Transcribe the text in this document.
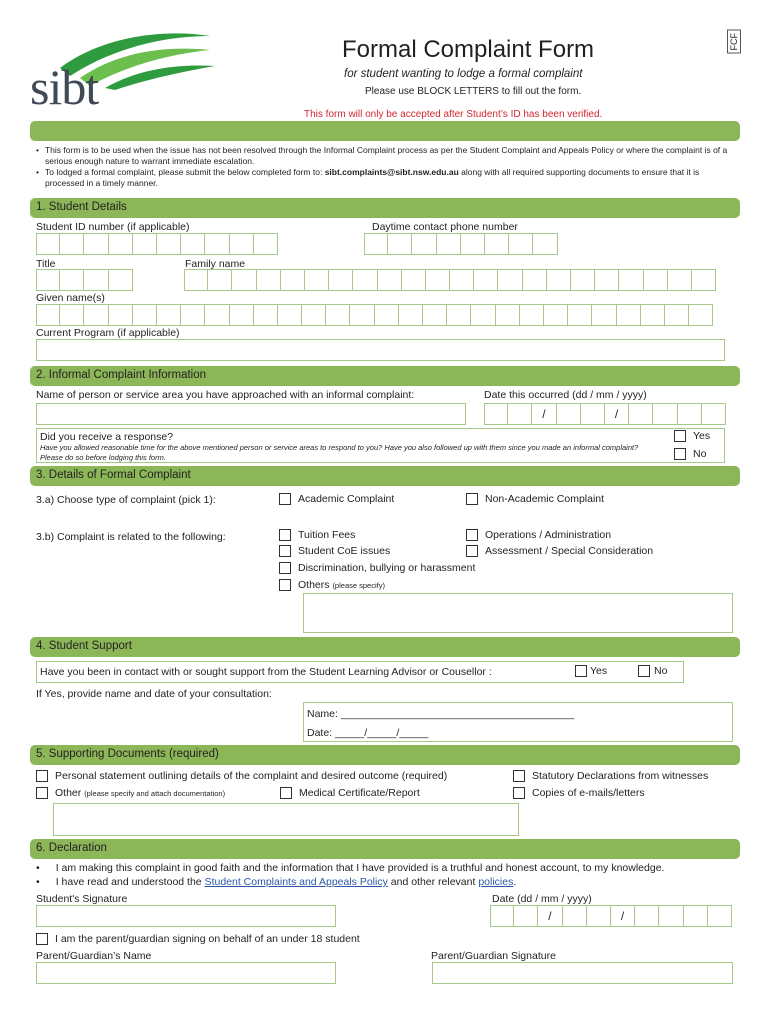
sibt
FCF
Formal Complaint Form
for student wanting to lodge a formal complaint
Please use BLOCK LETTERS to fill out the form.
This form will only be accepted after Student’s ID has been verified.
• This form is to be used when the issue has not been resolved through the Informal Complaint process as per the Student Complaint and Appeals Policy or where the complaint is of a serious enough nature to warrant immediate escalation.
• To lodged a formal complaint, please submit the below completed form to: sibt.complaints@sibt.nsw.edu.au along with all required supporting documents to ensure that it is processed in a timely manner.
1. Student Details
Student ID number (if applicable)	Daytime contact phone number
Title	Family name
Given name(s)
Current Program (if applicable)
2. Informal Complaint Information
Name of person or service area you have approached with an informal complaint:	Date this occurred (dd / mm / yyyy)
/	/
Did you receive a response?
Have you allowed reasonable time for the above mentioned person or service areas to respond to you? Have you also followed up with them since you made an informal complaint? Please do so before lodging this form.
Yes
No
3. Details of Formal Complaint
3.a) Choose type of complaint (pick 1):	Academic Complaint	Non-Academic Complaint
3.b) Complaint is related to the following:	Tuition Fees	Operations / Administration
Student CoE issues	Assessment / Special Consideration
Discrimination, bullying or harassment
Others (please specify)
4. Student Support
Have you been in contact with or sought support from the Student Learning Advisor or Cousellor :	Yes	No
If Yes, provide name and date of your consultation:
Name: ________________________________________
Date: _____/_____/_____
5. Supporting Documents (required)
Personal statement outlining details of the complaint and desired outcome (required)	Statutory Declarations from witnesses
Other (please specify and attach documentation)	Medical Certificate/Report	Copies of e-mails/letters
6. Declaration
• I am making this complaint in good faith and the information that I have provided is a truthful and honest account, to my knowledge.
• I have read and understood the Student Complaints and Appeals Policy and other relevant policies.
Student's Signature	Date (dd / mm / yyyy)
/	/
I am the parent/guardian signing on behalf of an under 18 student
Parent/Guardian’s Name	Parent/Guardian Signature
